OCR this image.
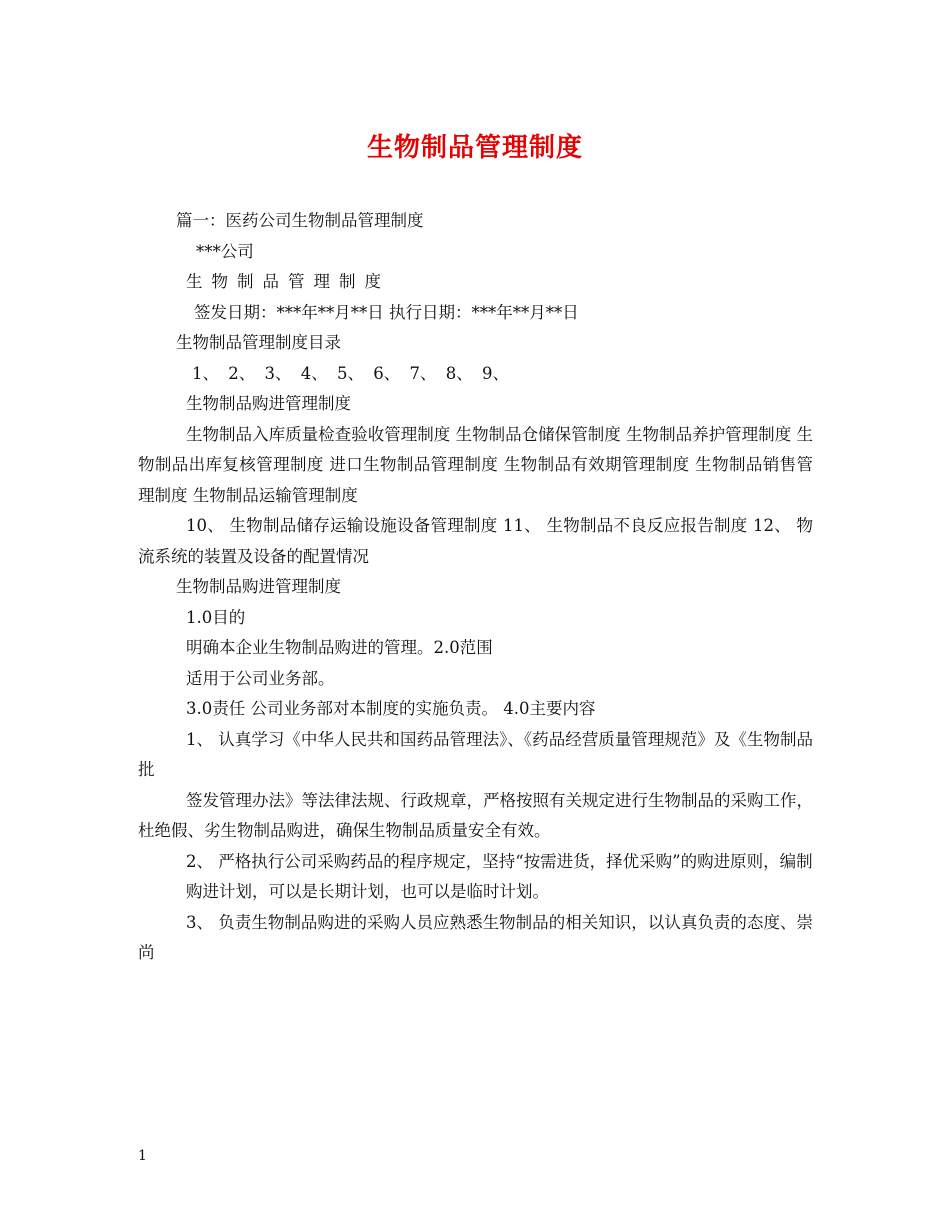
生物制品管理制度

篇一：医药公司生物制品管理制度

***公司

生物制品管理制度

签发日期：***年**月**日 执行日期：***年**月**日

生物制品管理制度目录

1、 2、 3、 4、 5、 6、 7、 8、 9、

生物制品购进管理制度

生物制品入库质量检查验收管理制度 生物制品仓储保管制度 生物制品养护管理制度 生物制品出库复核管理制度 进口生物制品管理制度 生物制品有效期管理制度 生物制品销售管理制度 生物制品运输管理制度

10、 生物制品储存运输设施设备管理制度 11、 生物制品不良反应报告制度 12、 物流系统的装置及设备的配置情况

生物制品购进管理制度

1.0目的

明确本企业生物制品购进的管理。2.0范围

适用于公司业务部。

3.0责任 公司业务部对本制度的实施负责。 4.0主要内容

1、 认真学习《中华人民共和国药品管理法》、《药品经营质量管理规范》及《生物制品批

签发管理办法》等法律法规、行政规章，严格按照有关规定进行生物制品的采购工作，杜绝假、劣生物制品购进，确保生物制品质量安全有效。

2、 严格执行公司采购药品的程序规定，坚持“按需进货，择优采购”的购进原则，编制

购进计划，可以是长期计划，也可以是临时计划。

3、 负责生物制品购进的采购人员应熟悉生物制品的相关知识，以认真负责的态度、崇尚

1
